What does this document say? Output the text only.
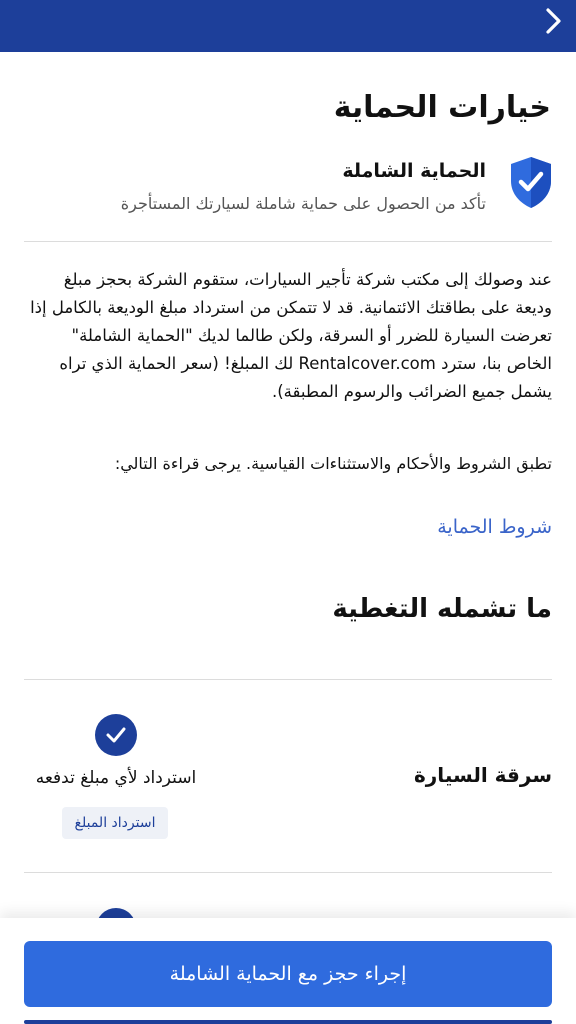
خيارات الحماية
الحماية الشاملة
تأكد من الحصول على حماية شاملة لسيارتك المستأجرة

عند وصولك إلى مكتب شركة تأجير السيارات، ستقوم الشركة بحجز مبلغ وديعة على بطاقتك الائتمانية. قد لا تتمكن من استرداد مبلغ الوديعة بالكامل إذا تعرضت السيارة للضرر أو السرقة، ولكن طالما لديك "الحماية الشاملة" الخاص بنا، سترد Rentalcover.com لك المبلغ! (سعر الحماية الذي تراه يشمل جميع الضرائب والرسوم المطبقة).

تطبق الشروط والأحكام والاستثناءات القياسية. يرجى قراءة التالي:

شروط الحماية
ما تشمله التغطية
سرقة السيارة
استرداد لأي مبلغ تدفعه
استرداد المبلغ
إجراء حجز مع الحماية الشاملة
